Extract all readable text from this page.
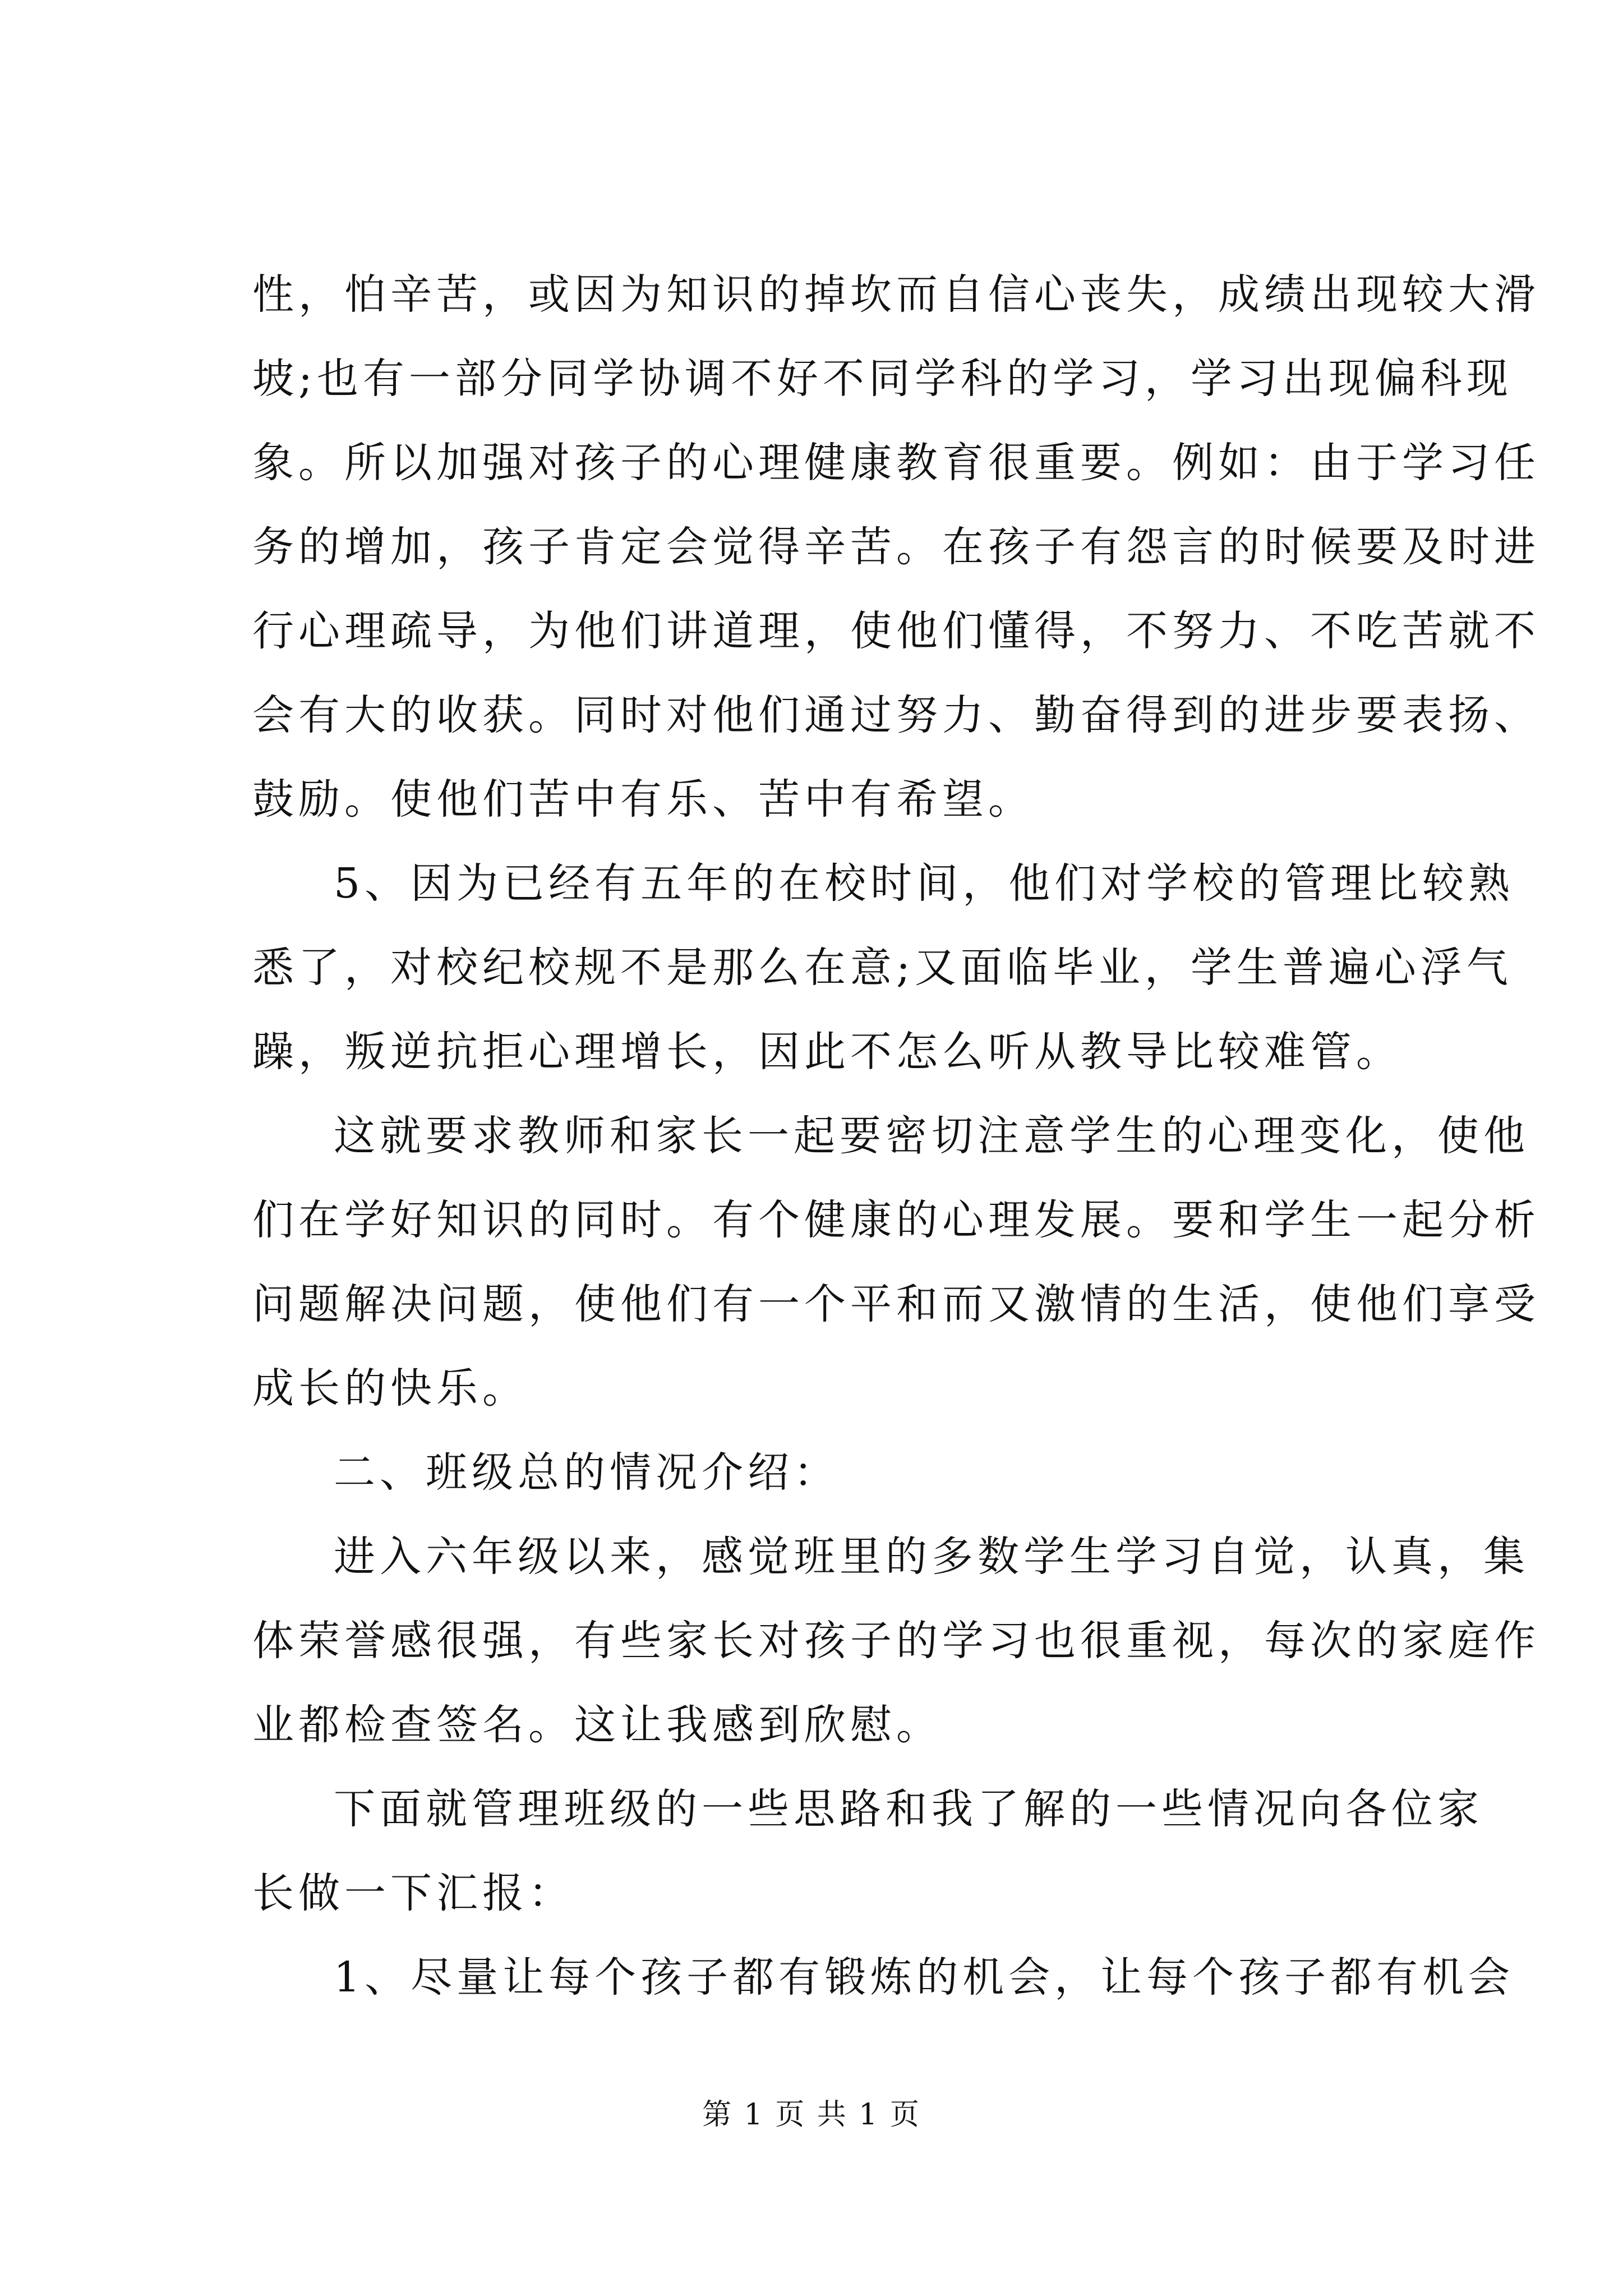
性，怕辛苦，或因为知识的掉坎而自信心丧失，成绩出现较大滑
坡;也有一部分同学协调不好不同学科的学习，学习出现偏科现
象。所以加强对孩子的心理健康教育很重要。例如：由于学习任
务的增加，孩子肯定会觉得辛苦。在孩子有怨言的时候要及时进
行心理疏导，为他们讲道理，使他们懂得，不努力、不吃苦就不
会有大的收获。同时对他们通过努力、勤奋得到的进步要表扬、
鼓励。使他们苦中有乐、苦中有希望。
5、因为已经有五年的在校时间，他们对学校的管理比较熟
悉了，对校纪校规不是那么在意;又面临毕业，学生普遍心浮气
躁，叛逆抗拒心理增长，因此不怎么听从教导比较难管。
这就要求教师和家长一起要密切注意学生的心理变化，使他
们在学好知识的同时。有个健康的心理发展。要和学生一起分析
问题解决问题，使他们有一个平和而又激情的生活，使他们享受
成长的快乐。
二、班级总的情况介绍：
进入六年级以来，感觉班里的多数学生学习自觉，认真，集
体荣誉感很强，有些家长对孩子的学习也很重视，每次的家庭作
业都检查签名。这让我感到欣慰。
下面就管理班级的一些思路和我了解的一些情况向各位家
长做一下汇报：
1、尽量让每个孩子都有锻炼的机会，让每个孩子都有机会
第 1 页 共 1 页
